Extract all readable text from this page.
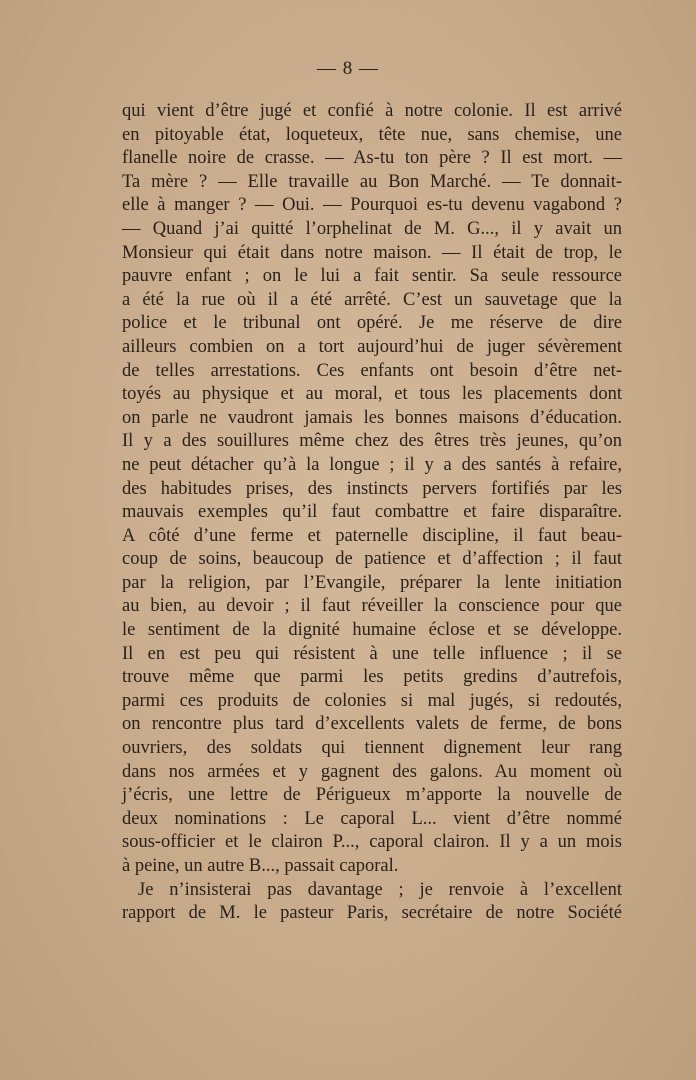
— 8 —
qui vient d’être jugé et confié à notre colonie. Il est arrivé
en pitoyable état, loqueteux, tête nue, sans chemise, une
flanelle noire de crasse. — As-tu ton père ? Il est mort. —
Ta mère ? — Elle travaille au Bon Marché. — Te donnait-
elle à manger ? — Oui. — Pourquoi es-tu devenu vagabond ?
— Quand j’ai quitté l’orphelinat de M. G..., il y avait un
Monsieur qui était dans notre maison. — Il était de trop, le
pauvre enfant ; on le lui a fait sentir. Sa seule ressource
a été la rue où il a été arrêté. C’est un sauvetage que la
police et le tribunal ont opéré. Je me réserve de dire
ailleurs combien on a tort aujourd’hui de juger sévèrement
de telles arrestations. Ces enfants ont besoin d’être net-
toyés au physique et au moral, et tous les placements dont
on parle ne vaudront jamais les bonnes maisons d’éducation.
Il y a des souillures même chez des êtres très jeunes, qu’on
ne peut détacher qu’à la longue ; il y a des santés à refaire,
des habitudes prises, des instincts pervers fortifiés par les
mauvais exemples qu’il faut combattre et faire disparaître.
A côté d’une ferme et paternelle discipline, il faut beau-
coup de soins, beaucoup de patience et d’affection ; il faut
par la religion, par l’Evangile, préparer la lente initiation
au bien, au devoir ; il faut réveiller la conscience pour que
le sentiment de la dignité humaine éclose et se développe.
Il en est peu qui résistent à une telle influence ; il se
trouve même que parmi les petits gredins d’autrefois,
parmi ces produits de colonies si mal jugés, si redoutés,
on rencontre plus tard d’excellents valets de ferme, de bons
ouvriers, des soldats qui tiennent dignement leur rang
dans nos armées et y gagnent des galons. Au moment où
j’écris, une lettre de Périgueux m’apporte la nouvelle de
deux nominations : Le caporal L... vient d’être nommé
sous-officier et le clairon P..., caporal clairon. Il y a un mois
à peine, un autre B..., passait caporal.
Je n’insisterai pas davantage ; je renvoie à l’excellent
rapport de M. le pasteur Paris, secrétaire de notre Société
